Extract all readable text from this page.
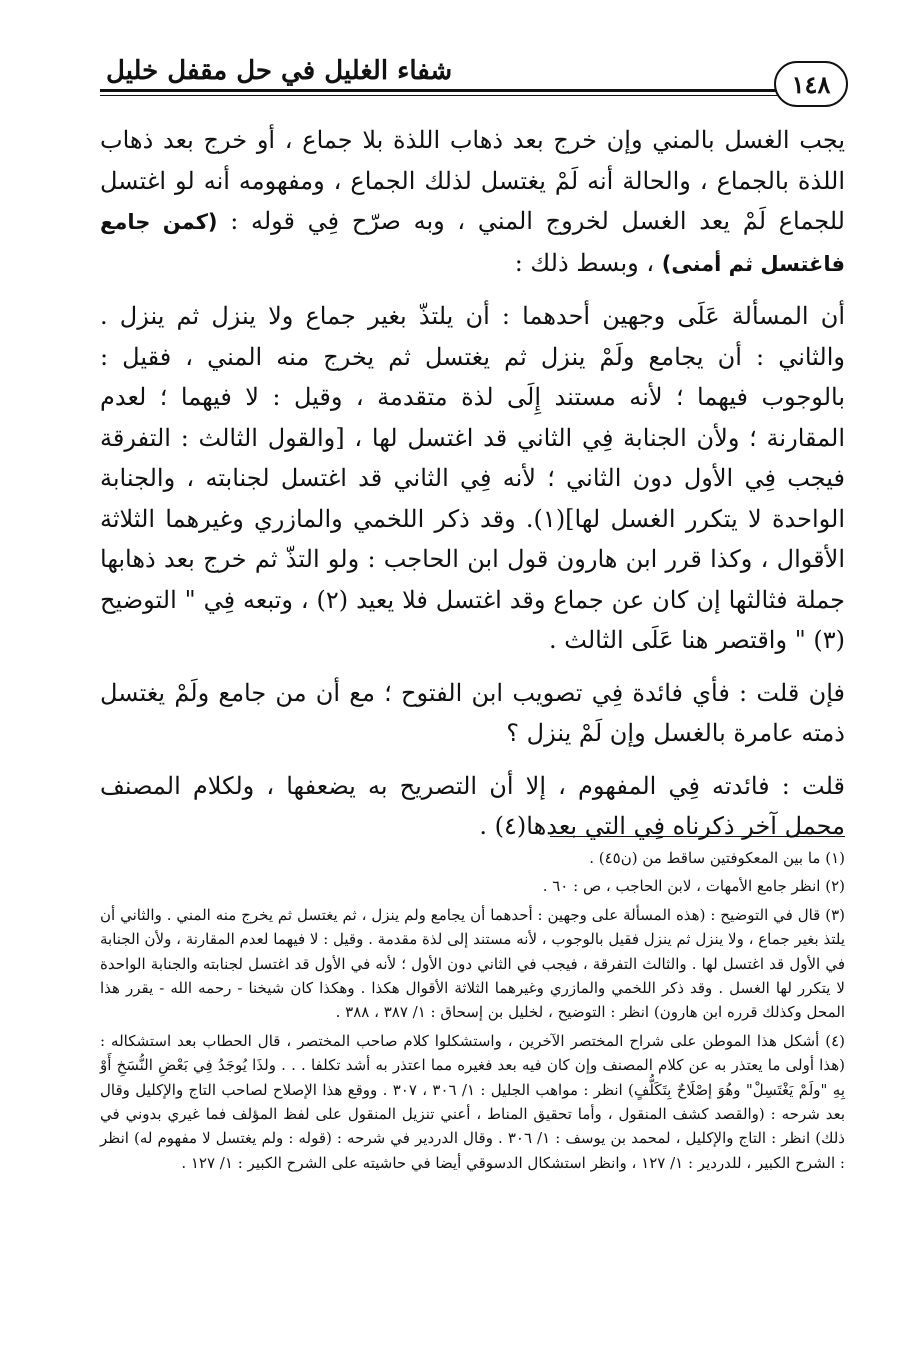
شفاء الغليل في حل مقفل خليل	١٤٨

يجب الغسل بالمني وإن خرج بعد ذهاب اللذة بلا جماع ، أو خرج بعد ذهاب اللذة بالجماع ، والحالة أنه لَمْ يغتسل لذلك الجماع ، ومفهومه أنه لو اغتسل للجماع لَمْ يعد الغسل لخروج المني ، وبه صرّح فِي قوله : (كمن جامع فاغتسل ثم أمنى) ، وبسط ذلك :

أن المسألة عَلَى وجهين أحدهما : أن يلتذّ بغير جماع ولا ينزل ثم ينزل . والثاني : أن يجامع ولَمْ ينزل ثم يغتسل ثم يخرج منه المني ، فقيل : بالوجوب فيهما ؛ لأنه مستند إِلَى لذة متقدمة ، وقيل : لا فيهما ؛ لعدم المقارنة ؛ ولأن الجنابة فِي الثاني قد اغتسل لها ، [والقول الثالث : التفرقة فيجب فِي الأول دون الثاني ؛ لأنه فِي الثاني قد اغتسل لجنابته ، والجنابة الواحدة لا يتكرر الغسل لها](١). وقد ذكر اللخمي والمازري وغيرهما الثلاثة الأقوال ، وكذا قرر ابن هارون قول ابن الحاجب : ولو التذّ ثم خرج بعد ذهابها جملة فثالثها إن كان عن جماع وقد اغتسل فلا يعيد (٢) ، وتبعه فِي " التوضيح (٣) " واقتصر هنا عَلَى الثالث .

فإن قلت : فأي فائدة فِي تصويب ابن الفتوح ؛ مع أن من جامع ولَمْ يغتسل ذمته عامرة بالغسل وإن لَمْ ينزل ؟

قلت : فائدته فِي المفهوم ، إلا أن التصريح به يضعفها ، ولكلام المصنف محمل آخر ذكرناه فِي التي بعدها(٤) .

(١) ما بين المعكوفتين ساقط من (ن٤٥) .

(٢) انظر جامع الأمهات ، لابن الحاجب ، ص : ٦٠ .

(٣) قال في التوضيح : (هذه المسألة على وجهين : أحدهما أن يجامع ولم ينزل ، ثم يغتسل ثم يخرج منه المني . والثاني أن يلتذ بغير جماع ، ولا ينزل ثم ينزل فقيل بالوجوب ، لأنه مستند إلى لذة مقدمة . وقيل : لا فيهما لعدم المقارنة ، ولأن الجنابة في الأول قد اغتسل لها . والثالث التفرقة ، فيجب في الثاني دون الأول ؛ لأنه في الأول قد اغتسل لجنابته والجنابة الواحدة لا يتكرر لها الغسل . وقد ذكر اللخمي والمازري وغيرهما الثلاثة الأقوال هكذا . وهكذا كان شيخنا - رحمه الله - يقرر هذا المحل وكذلك قرره ابن هارون) انظر : التوضيح ، لخليل بن إسحاق : ١/ ٣٨٧ ، ٣٨٨ .

(٤) أشكل هذا الموطن على شراح المختصر الآخرين ، واستشكلوا كلام صاحب المختصر ، قال الحطاب بعد استشكاله : (هذا أولى ما يعتذر به عن كلام المصنف وإن كان فيه بعد فغيره مما اعتذر به أشد تكلفا . . . ولذَا يُوجَدُ فِي بَعْضِ النُّسَخِ أَوْ بِهِ "ولَمْ يَغْتَسِلْ" وهُوَ إصْلَاحٌ بِتَكَلُّفٍ) انظر : مواهب الجليل : ١/ ٣٠٦ ، ٣٠٧ . ووقع هذا الإصلاح لصاحب التاج والإكليل وقال بعد شرحه : (والقصد كشف المنقول ، وأما تحقيق المناط ، أعني تنزيل المنقول على لفظ المؤلف فما غيري بدوني في ذلك) انظر : التاج والإكليل ، لمحمد بن يوسف : ١/ ٣٠٦ . وقال الدردير في شرحه : (قوله : ولم يغتسل لا مفهوم له) انظر : الشرح الكبير ، للدردير : ١/ ١٢٧ ، وانظر استشكال الدسوقي أيضا في حاشيته على الشرح الكبير : ١/ ١٢٧ .
